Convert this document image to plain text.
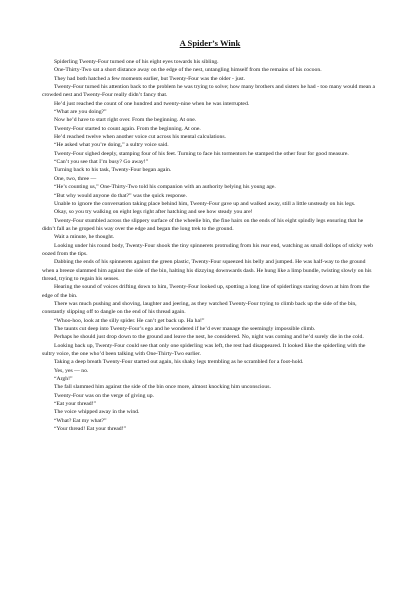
A Spider’s Wink

Spiderling Twenty-Four turned one of his eight eyes towards his sibling.

One-Thirty-Two sat a short distance away on the edge of the nest, untangling himself from the remains of his cocoon.

They had both hatched a few moments earlier, but Twenty-Four was the older - just.

Twenty-Four turned his attention back to the problem he was trying to solve; how many brothers and sisters he had - too many would mean a crowded nest and Twenty-Four really didn’t fancy that.

He’d just reached the count of one hundred and twenty-nine when he was interrupted.

“What are you doing?”

Now he’d have to start right over. From the beginning. At one.

Twenty-Four started to count again. From the beginning. At one.

He’d reached twelve when another voice cut across his mental calculations.

“He asked what you’re doing,” a sultry voice said.

Twenty-Four sighed deeply, stamping four of his feet. Turning to face his tormentors he stamped the other four for good measure.

“Can’t you see that I’m busy? Go away!”

Turning back to his task, Twenty-Four began again.

One, two, three —

“He’s counting us,” One-Thirty-Two told his companion with an authority belying his young age.

“But why would anyone do that?” was the quick response.

Unable to ignore the conversation taking place behind him, Twenty-Four gave up and walked away, still a little unsteady on his legs.

Okay, so you try walking on eight legs right after hatching and see how steady you are!

Twenty-Four stumbled across the slippery surface of the wheelie bin, the fine hairs on the ends of his eight spindly legs ensuring that he didn’t fall as he groped his way over the edge and began the long trek to the ground.

Wait a minute, he thought.

Looking under his round body, Twenty-Four shook the tiny spinnerets protruding from his rear end, watching as small dollops of sticky web oozed from the tips.

Dabbing the ends of his spinnerets against the green plastic, Twenty-Four squeezed his belly and jumped. He was half-way to the ground when a breeze slammed him against the side of the bin, halting his dizzying downwards dash. He hung like a limp bundle, twisting slowly on his thread, trying to regain his senses.

Hearing the sound of voices drifting down to him, Twenty-Four looked up, spotting a long line of spiderlings staring down at him from the edge of the bin.

There was much pushing and shoving, laughter and jeering, as they watched Twenty-Four trying to climb back up the side of the bin, constantly slipping off to dangle on the end of his thread again.

“Whoo-hoo, look at the silly spider. He can’t get back up. Ha ha!”

The taunts cut deep into Twenty-Four’s ego and he wondered if he’d ever manage the seemingly impossible climb.

Perhaps he should just drop down to the ground and leave the nest, he considered. No, night was coming and he’d surely die in the cold.

Looking back up, Twenty-Four could see that only one spiderling was left, the rest had disappeared. It looked like the spiderling with the sultry voice, the one who’d been talking with One-Thirty-Two earlier.

Taking a deep breath Twenty-Four started out again, his shaky legs trembling as he scrambled for a foot-hold.

Yes, yes — no.

“Argh!”

The fall slammed him against the side of the bin once more, almost knocking him unconscious.

Twenty-Four was on the verge of giving up.

“Eat your thread!”

The voice whipped away in the wind.

“What? Eat my what?”

“Your thread! Eat your thread!”
